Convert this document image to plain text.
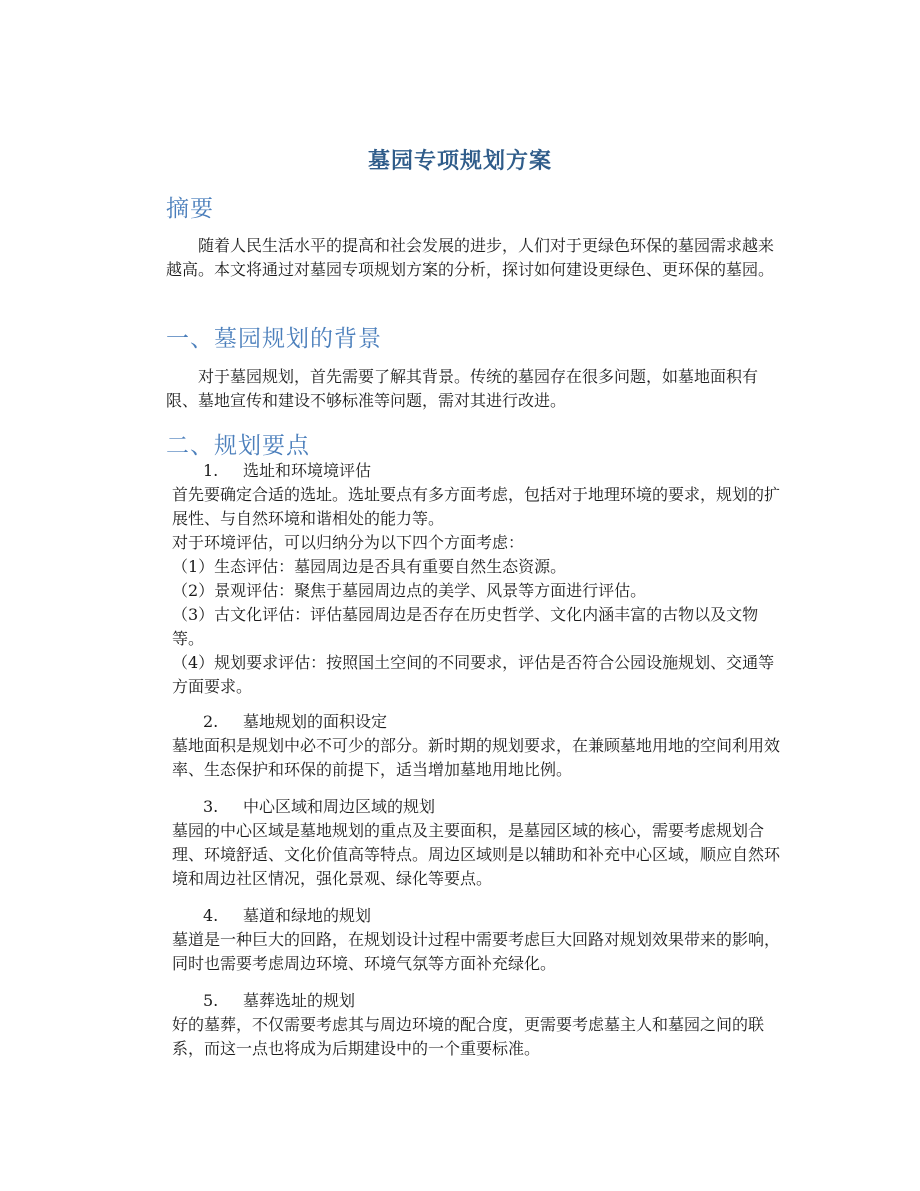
墓园专项规划方案
摘要

随着人民生活水平的提高和社会发展的进步，人们对于更绿色环保的墓园需求越来越高。本文将通过对墓园专项规划方案的分析，探讨如何建设更绿色、更环保的墓园。

一、墓园规划的背景

对于墓园规划，首先需要了解其背景。传统的墓园存在很多问题，如墓地面积有限、墓地宣传和建设不够标准等问题，需对其进行改进。

二、规划要点

1. 选址和环境境评估

首先要确定合适的选址。选址要点有多方面考虑，包括对于地理环境的要求，规划的扩展性、与自然环境和谐相处的能力等。

对于环境评估，可以归纳分为以下四个方面考虑：

（1）生态评估：墓园周边是否具有重要自然生态资源。

（2）景观评估：聚焦于墓园周边点的美学、风景等方面进行评估。

（3）古文化评估：评估墓园周边是否存在历史哲学、文化内涵丰富的古物以及文物等。

（4）规划要求评估：按照国土空间的不同要求，评估是否符合公园设施规划、交通等方面要求。

2. 墓地规划的面积设定

墓地面积是规划中必不可少的部分。新时期的规划要求，在兼顾墓地用地的空间利用效率、生态保护和环保的前提下，适当增加墓地用地比例。

3. 中心区域和周边区域的规划

墓园的中心区域是墓地规划的重点及主要面积，是墓园区域的核心，需要考虑规划合理、环境舒适、文化价值高等特点。周边区域则是以辅助和补充中心区域，顺应自然环境和周边社区情况，强化景观、绿化等要点。

4. 墓道和绿地的规划

墓道是一种巨大的回路，在规划设计过程中需要考虑巨大回路对规划效果带来的影响，同时也需要考虑周边环境、环境气氛等方面补充绿化。

5. 墓葬选址的规划

好的墓葬，不仅需要考虑其与周边环境的配合度，更需要考虑墓主人和墓园之间的联系，而这一点也将成为后期建设中的一个重要标准。
